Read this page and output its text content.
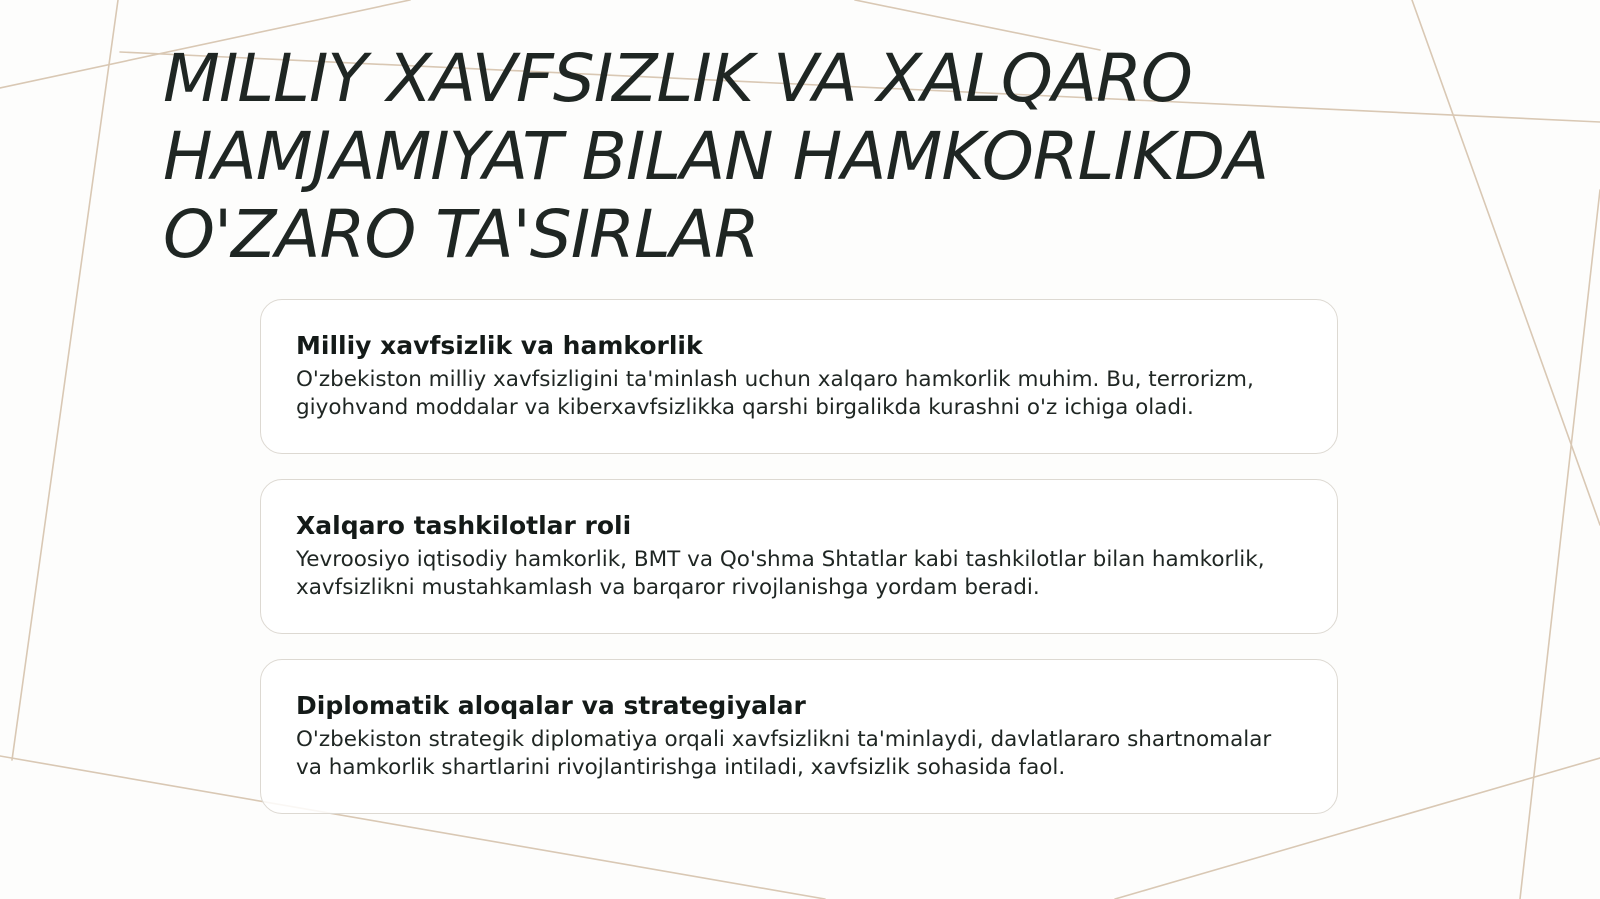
MILLIY XAVFSIZLIK VA XALQARO HAMJAMIYAT BILAN HAMKORLIKDA O'ZARO TA'SIRLAR
Milliy xavfsizlik va hamkorlik

O'zbekiston milliy xavfsizligini ta'minlash uchun xalqaro hamkorlik muhim. Bu, terrorizm, giyohvand moddalar va kiberxavfsizlikka qarshi birgalikda kurashni o'z ichiga oladi.

Xalqaro tashkilotlar roli

Yevroosiyo iqtisodiy hamkorlik, BMT va Qo'shma Shtatlar kabi tashkilotlar bilan hamkorlik, xavfsizlikni mustahkamlash va barqaror rivojlanishga yordam beradi.

Diplomatik aloqalar va strategiyalar

O'zbekiston strategik diplomatiya orqali xavfsizlikni ta'minlaydi, davlatlararo shartnomalar va hamkorlik shartlarini rivojlantirishga intiladi, xavfsizlik sohasida faol.
